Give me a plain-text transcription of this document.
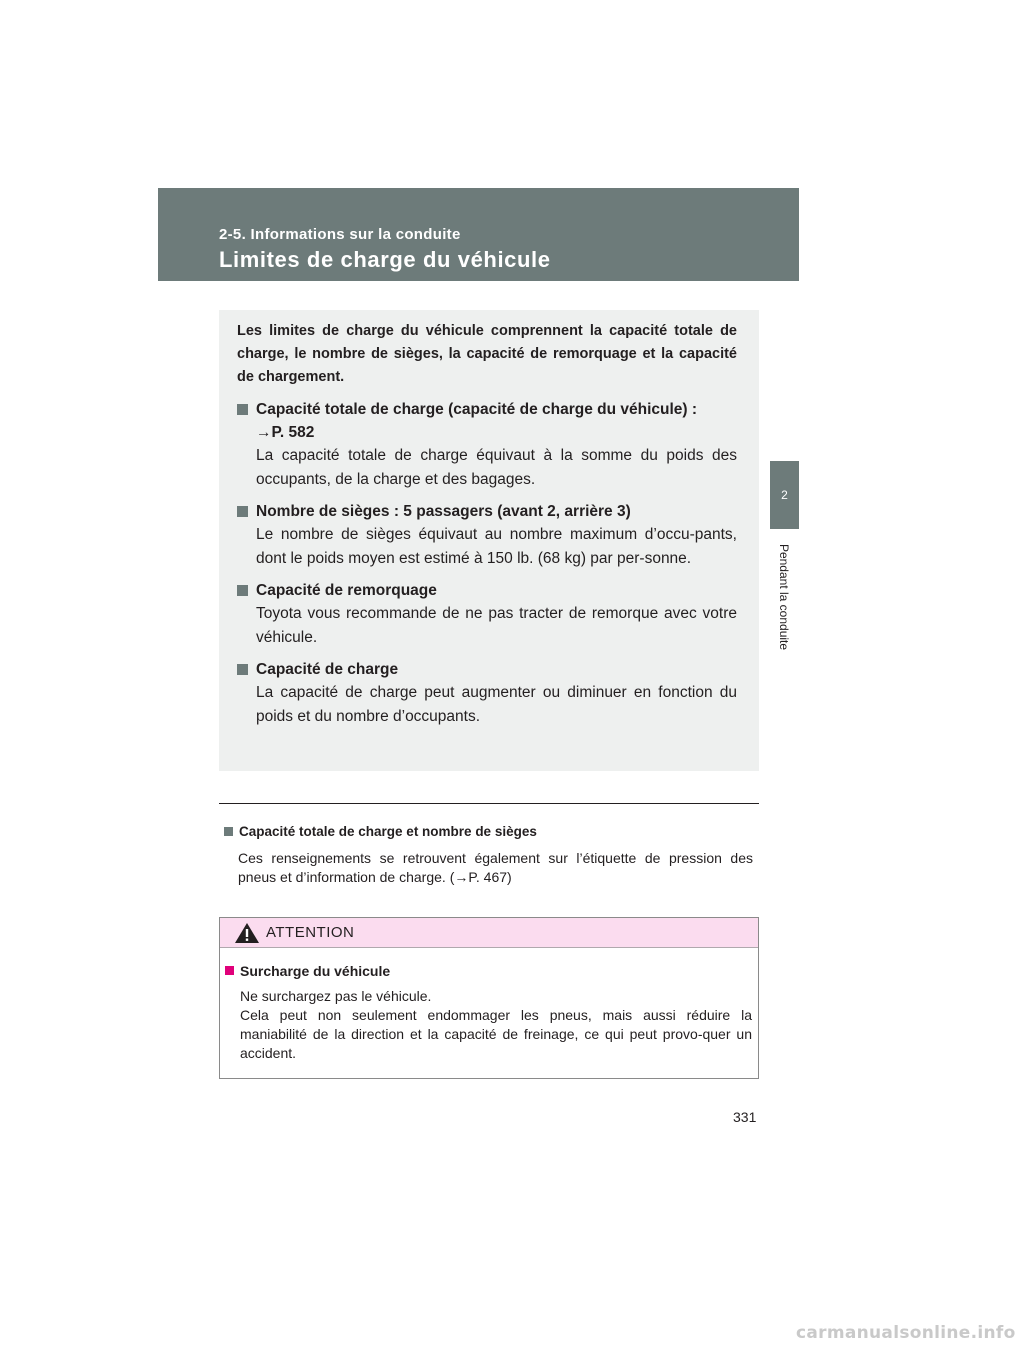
2-5. Informations sur la conduite
Limites de charge du véhicule
2
Pendant la conduite

Les limites de charge du véhicule comprennent la capacité totale de charge, le nombre de sièges, la capacité de remorquage et la capacité de chargement.

Capacité totale de charge (capacité de charge du véhicule) :
→P. 582
La capacité totale de charge équivaut à la somme du poids des occupants, de la charge et des bagages.
Nombre de sièges : 5 passagers (avant 2, arrière 3)
Le nombre de sièges équivaut au nombre maximum d’occu-pants, dont le poids moyen est estimé à 150 lb. (68 kg) par per-sonne.
Capacité de remorquage
Toyota vous recommande de ne pas tracter de remorque avec votre véhicule.
Capacité de charge
La capacité de charge peut augmenter ou diminuer en fonction du poids et du nombre d’occupants.
Capacité totale de charge et nombre de sièges
Ces renseignements se retrouvent également sur l’étiquette de pression des pneus et d’information de charge. (→P. 467)
ATTENTION
Surcharge du véhicule
Ne surchargez pas le véhicule.
Cela peut non seulement endommager les pneus, mais aussi réduire la maniabilité de la direction et la capacité de freinage, ce qui peut provo-quer un accident.
331
carmanualsonline.info
